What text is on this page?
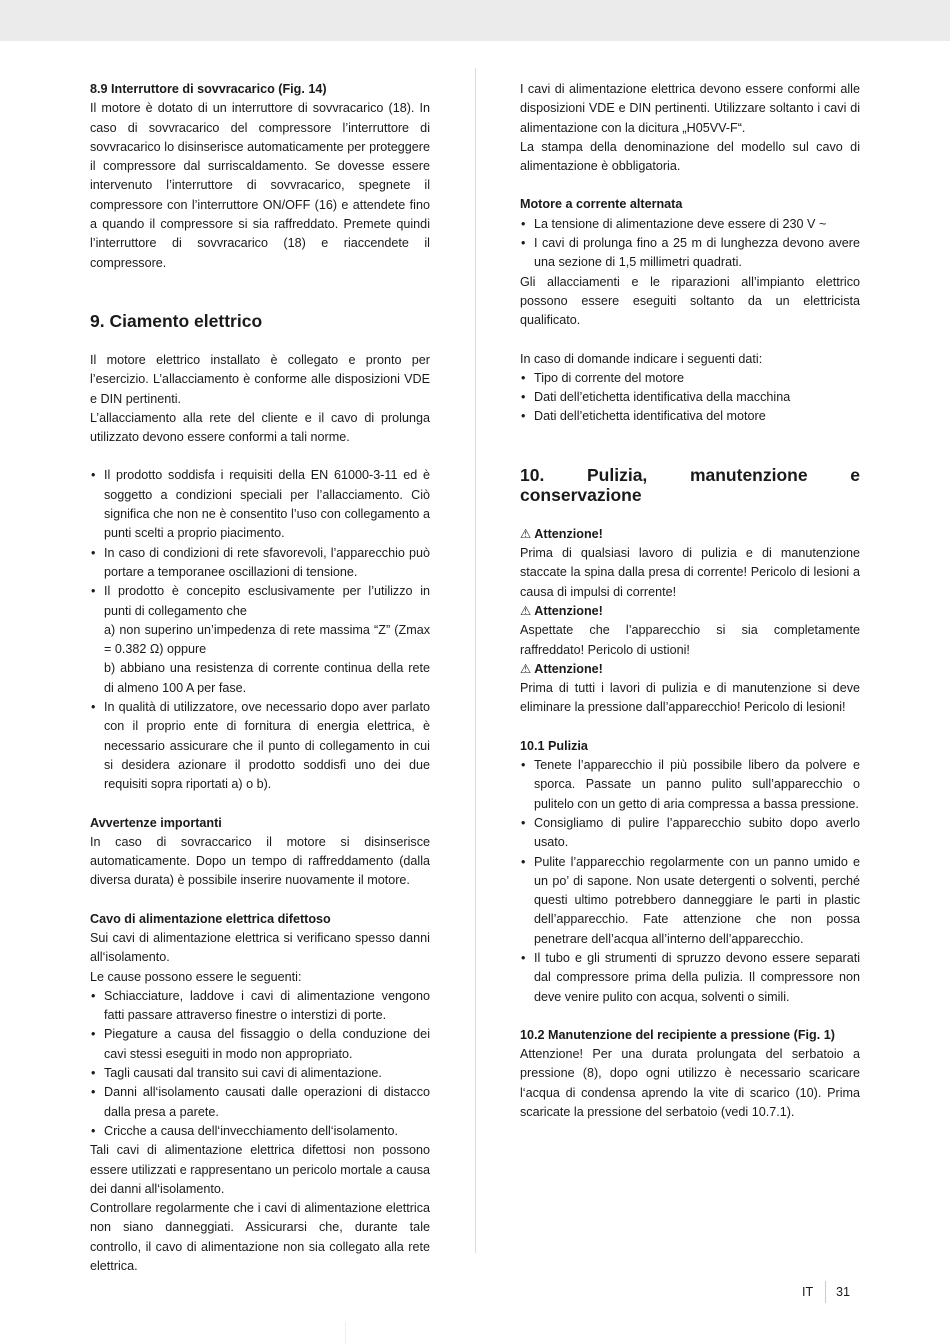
8.9 Interruttore di sovvracarico (Fig. 14)

Il motore è dotato di un interruttore di sovvracarico (18). In caso di sovvracarico del compressore l’interruttore di sovvracarico lo disinserisce automaticamente per proteggere il compressore dal surriscaldamento. Se dovesse essere intervenuto l’interruttore di sovvracarico, spegnete il compressore con l’interruttore ON/OFF (16) e attendete fino a quando il compressore si sia raffreddato. Premete quindi l’interruttore di sovvracarico (18) e riaccendete il compressore.

9. Ciamento elettrico

Il motore elettrico installato è collegato e pronto per l’esercizio. L’allacciamento è conforme alle disposizioni VDE e DIN pertinenti.

L’allacciamento alla rete del cliente e il cavo di prolunga utilizzato devono essere conformi a tali norme.

• Il prodotto soddisfa i requisiti della EN 61000-3-11 ed è soggetto a condizioni speciali per l’allacciamento. Ciò significa che non ne è consentito l’uso con collegamento a punti scelti a proprio piacimento.
• In caso di condizioni di rete sfavorevoli, l’apparecchio può portare a temporanee oscillazioni di tensione.
• Il prodotto è concepito esclusivamente per l’utilizzo in punti di collegamento che
a) non superino un’impedenza di rete massima “Z” (Zmax = 0.382 Ω) oppure
b) abbiano una resistenza di corrente continua della rete di almeno 100 A per fase.
• In qualità di utilizzatore, ove necessario dopo aver parlato con il proprio ente di fornitura di energia elettrica, è necessario assicurare che il punto di collegamento in cui si desidera azionare il prodotto soddisfi uno dei due requisiti sopra riportati a) o b).

Avvertenze importanti

In caso di sovraccarico il motore si disinserisce automaticamente. Dopo un tempo di raffreddamento (dalla diversa durata) è possibile inserire nuovamente il motore.

Cavo di alimentazione elettrica difettoso

Sui cavi di alimentazione elettrica si verificano spesso danni all‘isolamento.

Le cause possono essere le seguenti:

• Schiacciature, laddove i cavi di alimentazione vengono fatti passare attraverso finestre o interstizi di porte.
• Piegature a causa del fissaggio o della conduzione dei cavi stessi eseguiti in modo non appropriato.
• Tagli causati dal transito sui cavi di alimentazione.
• Danni all‘isolamento causati dalle operazioni di distacco dalla presa a parete.
• Cricche a causa dell‘invecchiamento dell‘isolamento.

Tali cavi di alimentazione elettrica difettosi non possono essere utilizzati e rappresentano un pericolo mortale a causa dei danni all‘isolamento.

Controllare regolarmente che i cavi di alimentazione elettrica non siano danneggiati. Assicurarsi che, durante tale controllo, il cavo di alimentazione non sia collegato alla rete elettrica.

I cavi di alimentazione elettrica devono essere conformi alle disposizioni VDE e DIN pertinenti. Utilizzare soltanto i cavi di alimentazione con la dicitura „H05VV-F“.

La stampa della denominazione del modello sul cavo di alimentazione è obbligatoria.

Motore a corrente alternata

• La tensione di alimentazione deve essere di 230 V ~
• I cavi di prolunga fino a 25 m di lunghezza devono avere una sezione di 1,5 millimetri quadrati.

Gli allacciamenti e le riparazioni all’impianto elettrico possono essere eseguiti soltanto da un elettricista qualificato.

In caso di domande indicare i seguenti dati:

• Tipo di corrente del motore
• Dati dell’etichetta identificativa della macchina
• Dati dell’etichetta identificativa del motore

10. Pulizia, manutenzione e conservazione

⚠ Attenzione!

Prima di qualsiasi lavoro di pulizia e di manutenzione staccate la spina dalla presa di corrente! Pericolo di lesioni a causa di impulsi di corrente!

⚠ Attenzione!

Aspettate che l’apparecchio si sia completamente raffreddato! Pericolo di ustioni!

⚠ Attenzione!

Prima di tutti i lavori di pulizia e di manutenzione si deve eliminare la pressione dall’apparecchio! Pericolo di lesioni!

10.1 Pulizia

• Tenete l’apparecchio il più possibile libero da polvere e sporca. Passate un panno pulito sull’apparecchio o pulitelo con un getto di aria compressa a bassa pressione.
• Consigliamo di pulire l’apparecchio subito dopo averlo usato.
• Pulite l’apparecchio regolarmente con un panno umido e un po’ di sapone. Non usate detergenti o solventi, perché questi ultimo potrebbero danneggiare le parti in plastic dell’apparecchio. Fate attenzione che non possa penetrare dell’acqua all’interno dell’apparecchio.
• Il tubo e gli strumenti di spruzzo devono essere separati dal compressore prima della pulizia. Il compressore non deve venire pulito con acqua, solventi o simili.

10.2 Manutenzione del recipiente a pressione (Fig. 1)

Attenzione! Per una durata prolungata del serbatoio a pressione (8), dopo ogni utilizzo è necessario scaricare l‘acqua di condensa aprendo la vite di scarico (10). Prima scaricate la pressione del serbatoio (vedi 10.7.1).

IT 31
